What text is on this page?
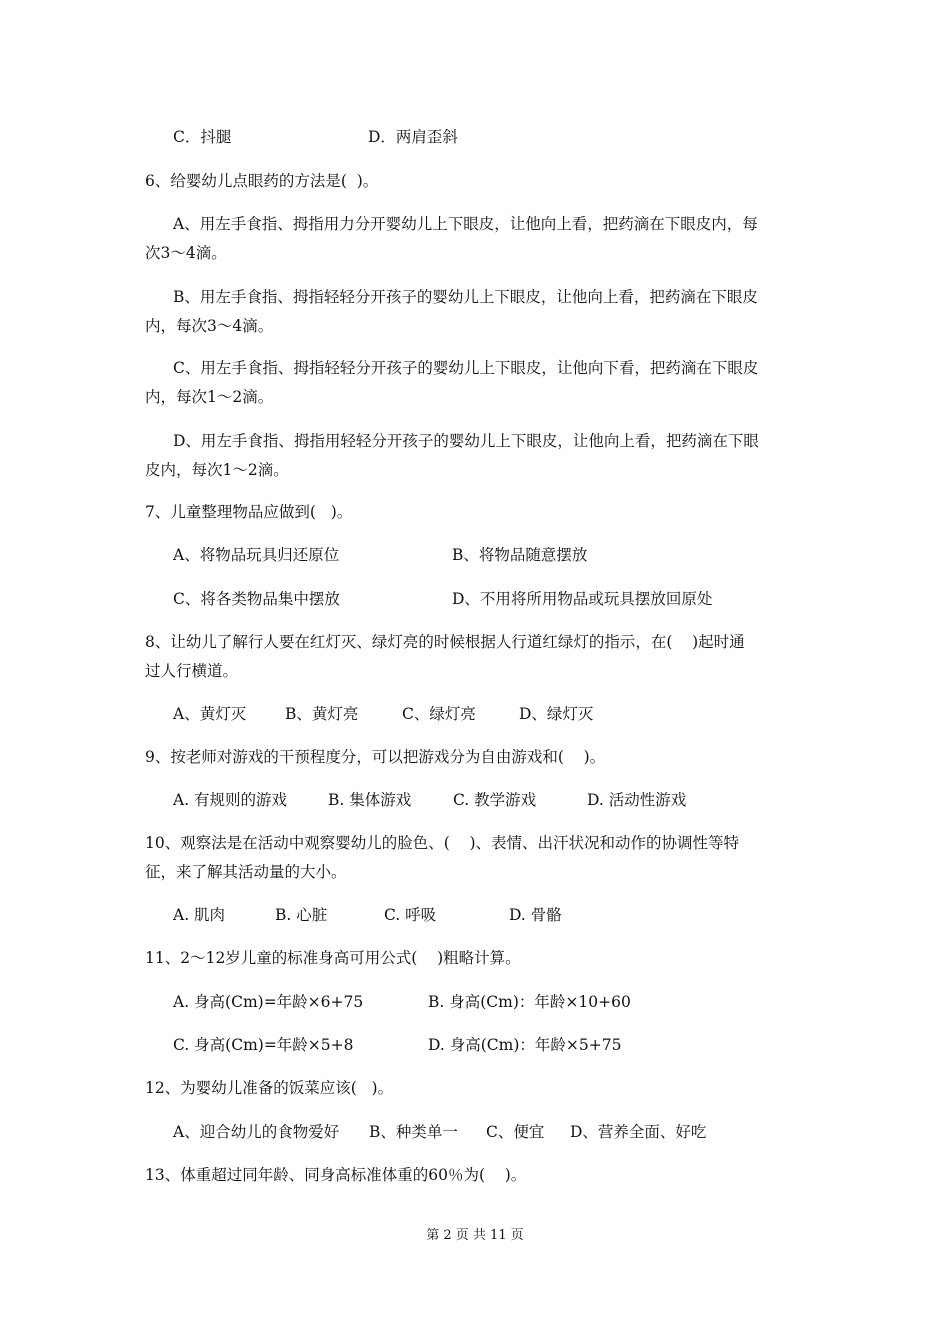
C．抖腿	D．两肩歪斜
6、给婴幼儿点眼药的方法是(  )。
A、用左手食指、拇指用力分开婴幼儿上下眼皮，让他向上看，把药滴在下眼皮内，每
次3～4滴。
B、用左手食指、拇指轻轻分开孩子的婴幼儿上下眼皮，让他向上看，把药滴在下眼皮
内，每次3～4滴。
C、用左手食指、拇指轻轻分开孩子的婴幼儿上下眼皮，让他向下看，把药滴在下眼皮
内，每次1～2滴。
D、用左手食指、拇指用轻轻分开孩子的婴幼儿上下眼皮，让他向上看，把药滴在下眼
皮内，每次1～2滴。
7、儿童整理物品应做到(   )。
A、将物品玩具归还原位	B、将物品随意摆放
C、将各类物品集中摆放	D、不用将所用物品或玩具摆放回原处
8、让幼儿了解行人要在红灯灭、绿灯亮的时候根据人行道红绿灯的指示，在(    )起时通
过人行横道。
A、黄灯灭	B、黄灯亮	C、绿灯亮	D、绿灯灭
9、按老师对游戏的干预程度分，可以把游戏分为自由游戏和(    )。
A. 有规则的游戏	B. 集体游戏	C. 教学游戏	D. 活动性游戏
10、观察法是在活动中观察婴幼儿的脸色、(    )、表情、出汗状况和动作的协调性等特
征，来了解其活动量的大小。
A. 肌肉	B. 心脏	C. 呼吸	D. 骨骼
11、2～12岁儿童的标准身高可用公式(    )粗略计算。
A. 身高(Cm)=年龄×6+75	B. 身高(Cm)：年龄×10+60
C. 身高(Cm)=年龄×5+8	D. 身高(Cm)：年龄×5+75
12、为婴幼儿准备的饭菜应该(   )。
A、迎合幼儿的食物爱好	B、种类单一	C、便宜	D、营养全面、好吃
13、体重超过同年龄、同身高标准体重的60％为(    )。
第 2 页 共 11 页
